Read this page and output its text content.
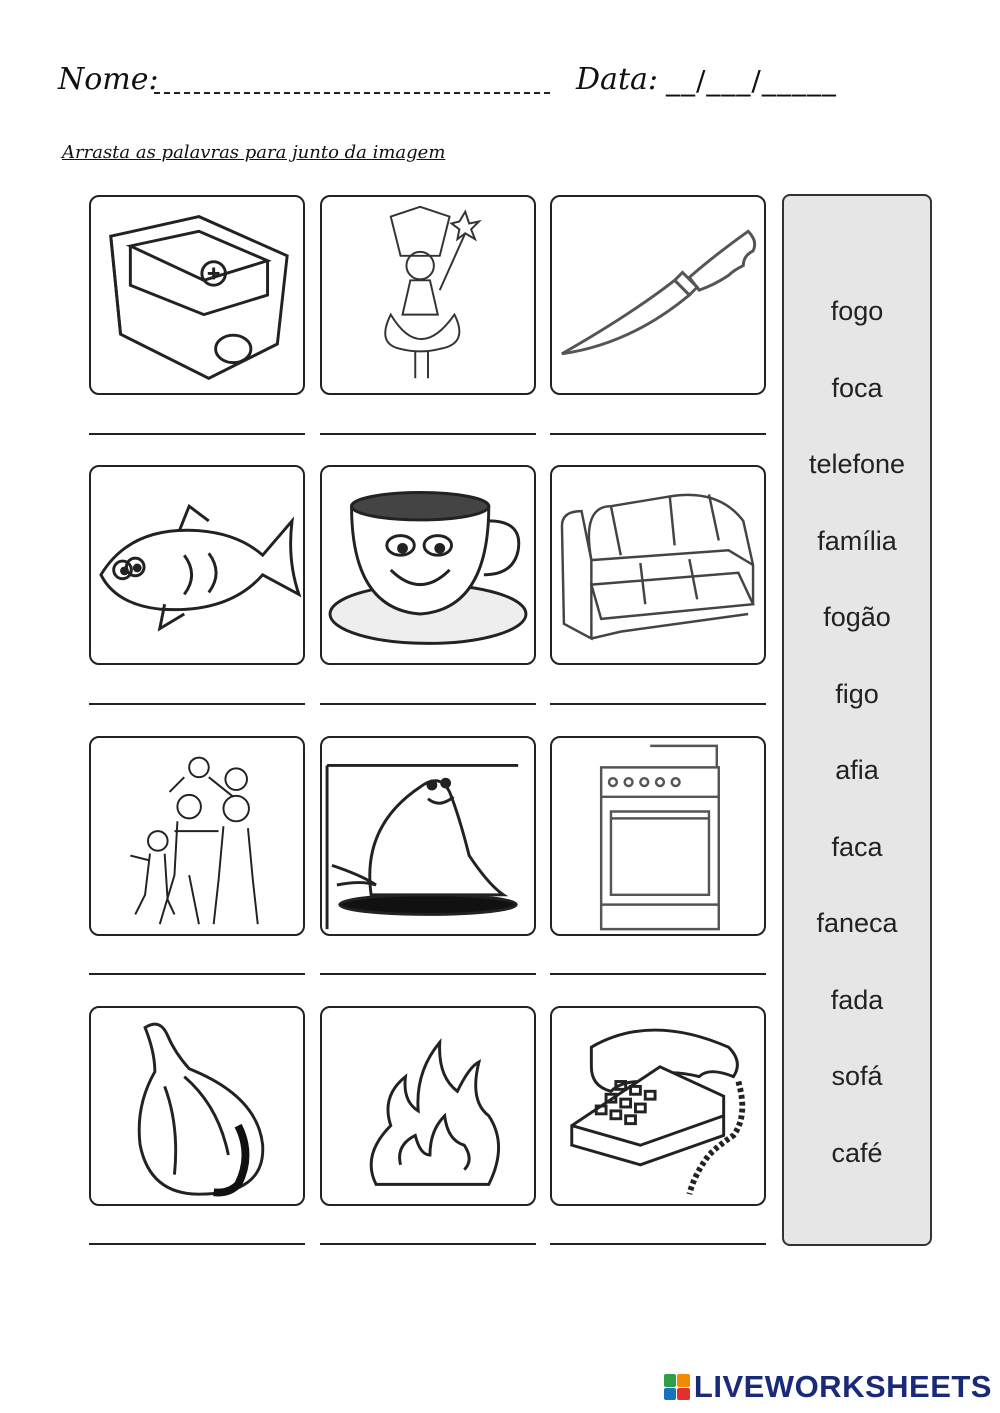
Nome:	Data: __/___/_____
Arrasta as palavras para junto da imagem
fogo
foca
telefone
família
fogão
figo
afia
faca
faneca
fada
sofá
café
LIVEWORKSHEETS
